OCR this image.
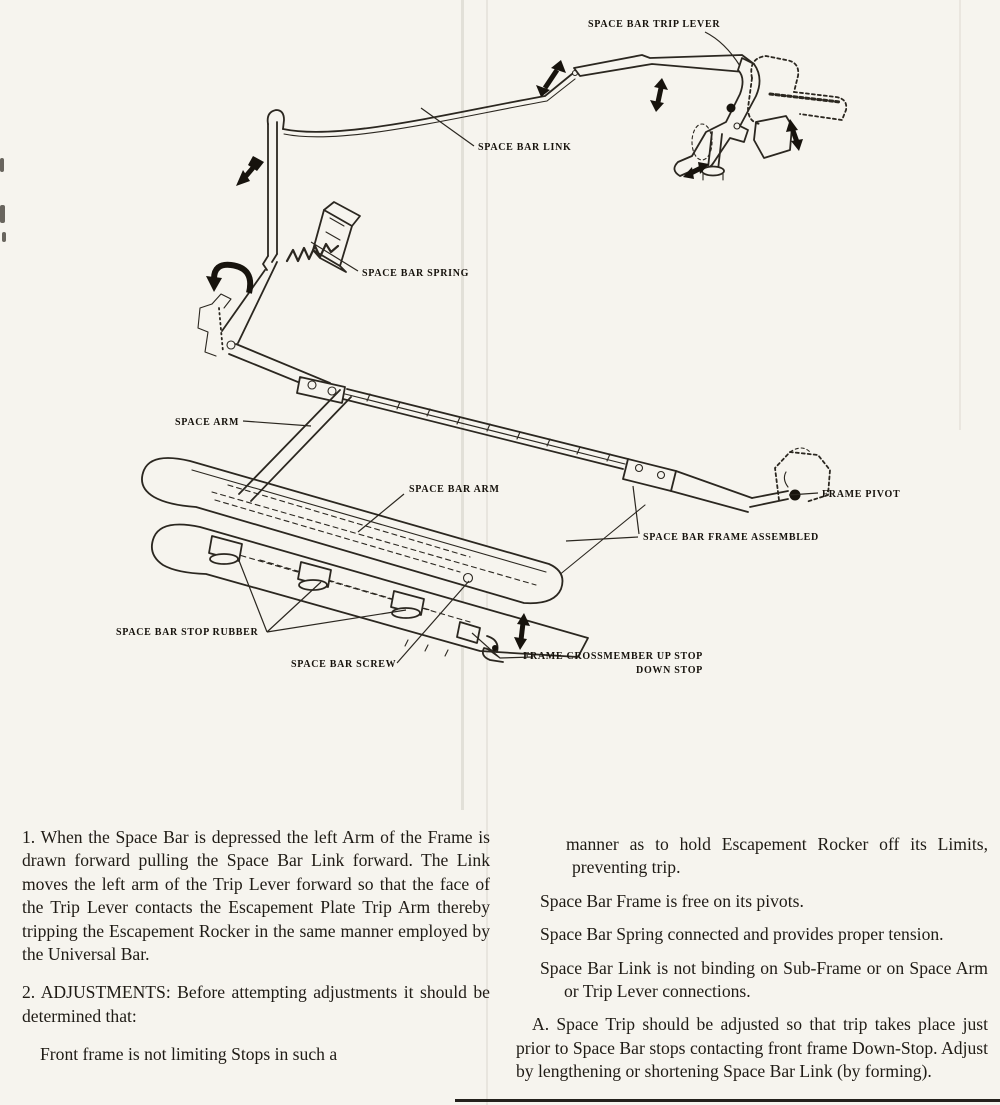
SPACE BAR TRIP LEVER
SPACE BAR LINK
SPACE BAR SPRING
SPACE ARM
SPACE BAR ARM	FRAME PIVOT
SPACE BAR FRAME ASSEMBLED
SPACE BAR STOP RUBBER
SPACE BAR SCREW
FRAME CROSSMEMBER UP STOP
DOWN STOP

1. When the Space Bar is depressed the left Arm of the Frame is drawn forward pulling the Space Bar Link forward. The Link moves the left arm of the Trip Lever forward so that the face of the Trip Lever contacts the Escapement Plate Trip Arm thereby tripping the Escapement Rocker in the same manner employed by the Universal Bar.

2. ADJUSTMENTS: Before attempting adjustments it should be determined that:

Front frame is not limiting Stops in such a

manner as to hold Escapement Rocker off its Limits, preventing trip.

Space Bar Frame is free on its pivots.

Space Bar Spring connected and provides proper tension.

Space Bar Link is not binding on Sub-Frame or on Space Arm or Trip Lever connections.

A. Space Trip should be adjusted so that trip takes place just prior to Space Bar stops contacting front frame Down-Stop. Adjust by lengthening or shortening Space Bar Link (by forming).
